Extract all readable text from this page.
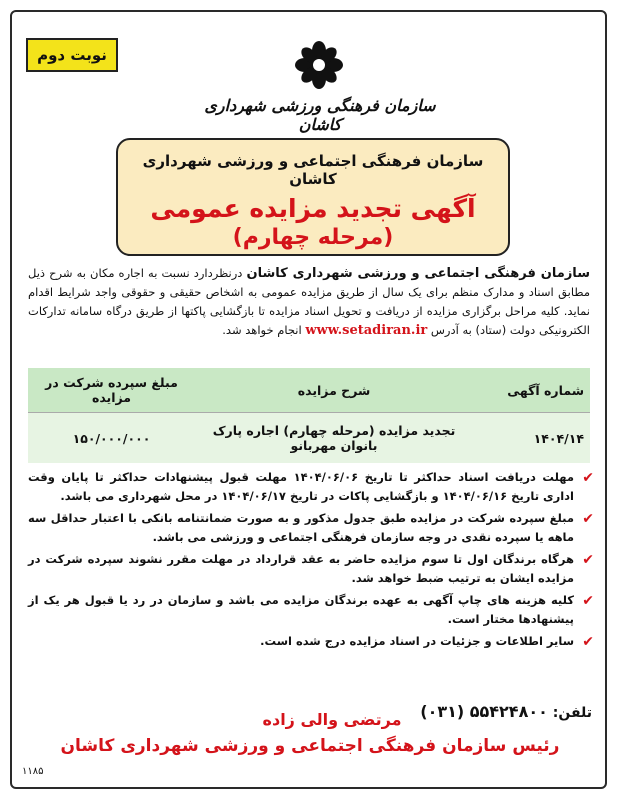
نوبت دوم
سازمان فرهنگی ورزشی شهرداری کاشان
سازمان فرهنگی اجتماعی و ورزشی شهرداری کاشان
آگهی تجدید مزایده عمومی
(مرحله چهارم)
سازمان فرهنگی اجتماعی و ورزشی شهرداری کاشان درنظردارد نسبت به اجاره مکان به شرح ذیل مطابق اسناد و مدارک منظم برای یک سال از طریق مزایده عمومی به اشخاص حقیقی و حقوقی واجد شرایط اقدام نماید. کلیه مراحل برگزاری مزایده از دریافت و تحویل اسناد مزایده تا بازگشایی پاکتها از طریق درگاه سامانه تدارکات الکترونیکی دولت (ستاد) به آدرس www.setadiran.ir انجام خواهد شد.
شماره آگهی	شرح مزایده	مبلغ سپرده شرکت در مزایده
۱۴۰۴/۱۴	تجدید مزایده (مرحله چهارم) اجاره پارک بانوان مهربانو	۱۵۰/۰۰۰/۰۰۰
✔
مهلت دریافت اسناد حداکثر تا تاریخ ۱۴۰۴/۰۶/۰۶ مهلت قبول پیشنهادات حداکثر تا پایان وقت اداری تاریخ ۱۴۰۴/۰۶/۱۶ و بازگشایی پاکات در تاریخ ۱۴۰۴/۰۶/۱۷ در محل شهرداری می باشد.
✔
مبلغ سپرده شرکت در مزایده طبق جدول مذکور و به صورت ضمانتنامه بانکی با اعتبار حداقل سه ماهه یا سپرده نقدی در وجه سازمان فرهنگی اجتماعی و ورزشی می باشد.
✔
هرگاه برندگان اول تا سوم مزایده حاضر به عقد قرارداد در مهلت مقرر نشوند سپرده شرکت در مزایده ایشان به ترتیب ضبط خواهد شد.
✔
کلیه هزینه های چاپ آگهی به عهده برندگان مزایده می باشد و سازمان در رد یا قبول هر یک از پیشنهادها مختار است.
✔
سایر اطلاعات و جزئیات در اسناد مزایده درج شده است.
تلفن: (۰۳۱) ۵۵۴۲۴۸۰۰
مرتضی والی زاده
رئیس سازمان فرهنگی اجتماعی و ورزشی شهرداری کاشان
۱۱۸۵
